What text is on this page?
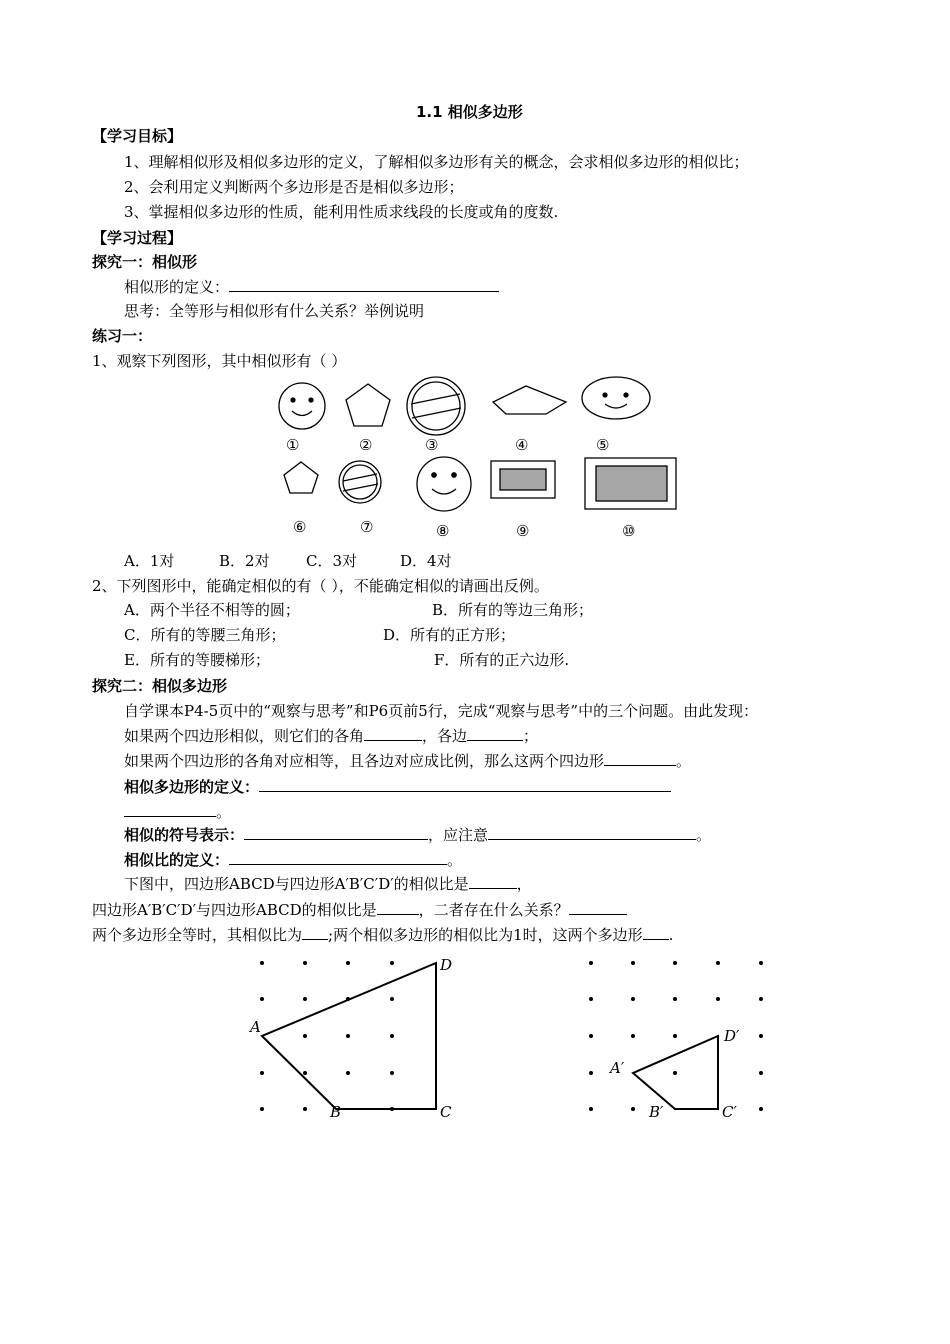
1.1 相似多边形
【学习目标】
1、理解相似形及相似多边形的定义，了解相似多边形有关的概念，会求相似多边形的相似比；
2、会利用定义判断两个多边形是否是相似多边形；
3、掌握相似多边形的性质，能利用性质求线段的长度或角的度数.
【学习过程】
探究一：相似形
相似形的定义：
思考：全等形与相似形有什么关系？举例说明
练习一：
1、观察下列图形，其中相似形有（ ）
①	②	③	④	⑤
⑥	⑦	⑧	⑨	⑩
A．1对	B．2对 C．3对	D．4对
2、下列图形中，能确定相似的有（ ），不能确定相似的请画出反例。
A．两个半径不相等的圆；	B．所有的等边三角形；
C．所有的等腰三角形；	D．所有的正方形；
E．所有的等腰梯形；	F．所有的正六边形.
探究二：相似多边形
自学课本P4-5页中的“观察与思考”和P6页前5行，完成“观察与思考”中的三个问题。由此发现：
如果两个四边形相似，则它们的各角	，各边	；
如果两个四边形的各角对应相等，且各边对应成比例，那么这两个四边形	。
相似多边形的定义：
。
相似的符号表示：	，应注意	。
相似比的定义：	。
下图中，四边形ABCD与四边形A′B′C′D′的相似比是	，
四边形A′B′C′D′与四边形ABCD的相似比是	，二者存在什么关系？
两个多边形全等时，其相似比为 ;两个相似多边形的相似比为1时，这两个多边形 .
A
B	C
D
A′
B′	C′
D′
